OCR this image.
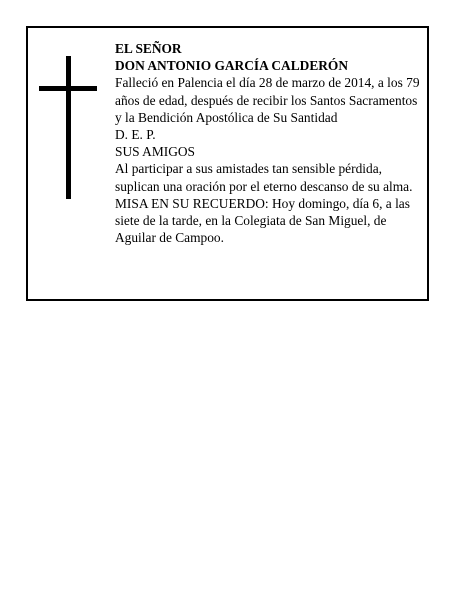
EL SEÑOR

DON ANTONIO GARCÍA CALDERÓN

Falleció en Palencia el día 28 de marzo de 2014, a los 79 años de edad, después de recibir los Santos Sacramentos y la Bendición Apostólica de Su Santidad

D. E. P.

SUS AMIGOS

Al participar a sus amistades tan sensible pérdida, suplican una oración por el eterno descanso de su alma.

MISA EN SU RECUERDO: Hoy domingo, día 6, a las siete de la tarde, en la Colegiata de San Miguel, de Aguilar de Campoo.
